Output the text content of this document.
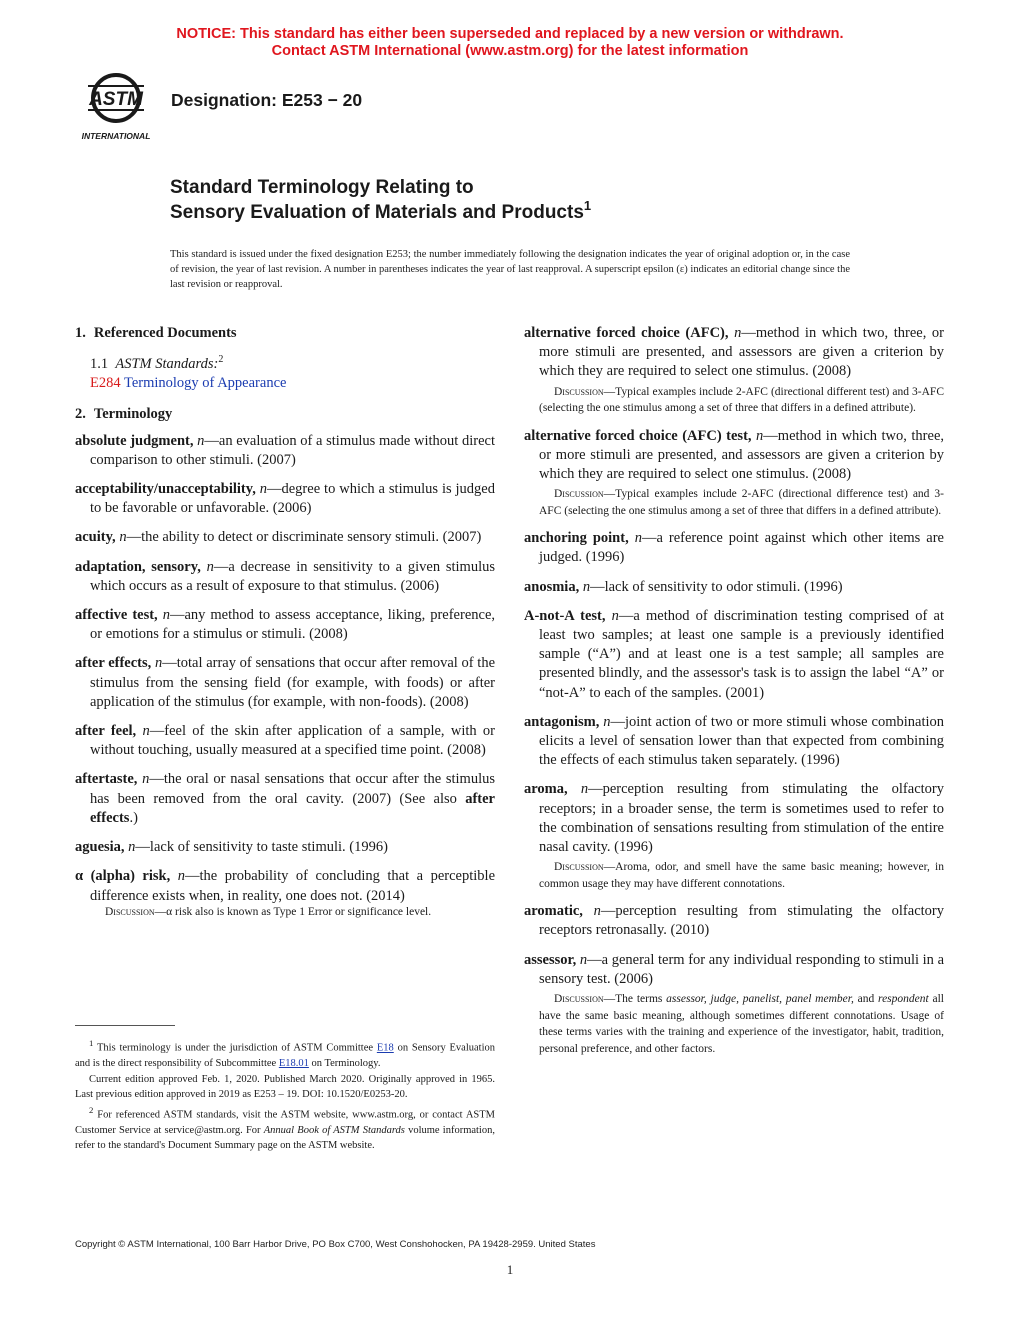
NOTICE: This standard has either been superseded and replaced by a new version or withdrawn.
Contact ASTM International (www.astm.org) for the latest information
ASTM
INTERNATIONAL
Designation: E253 − 20
Standard Terminology Relating to
Sensory Evaluation of Materials and Products$^1$
This standard is issued under the fixed designation E253; the number immediately following the designation indicates the year of original adoption or, in the case of revision, the year of last revision. A number in parentheses indicates the year of last reapproval. A superscript epsilon (ε) indicates an editorial change since the last revision or reapproval.
1. Referenced Documents

1.1 ASTM Standards:$^2$

E284 Terminology of Appearance

2. Terminology

absolute judgment, n—an evaluation of a stimulus made without direct comparison to other stimuli. (2007)

acceptability/unacceptability, n—degree to which a stimulus is judged to be favorable or unfavorable. (2006)

acuity, n—the ability to detect or discriminate sensory stimuli. (2007)

adaptation, sensory, n—a decrease in sensitivity to a given stimulus which occurs as a result of exposure to that stimulus. (2006)

affective test, n—any method to assess acceptance, liking, preference, or emotions for a stimulus or stimuli. (2008)

after effects, n—total array of sensations that occur after removal of the stimulus from the sensing field (for example, with foods) or after application of the stimulus (for example, with non-foods). (2008)

after feel, n—feel of the skin after application of a sample, with or without touching, usually measured at a specified time point. (2008)

aftertaste, n—the oral or nasal sensations that occur after the stimulus has been removed from the oral cavity. (2007) (See also after effects.)

aguesia, n—lack of sensitivity to taste stimuli. (1996)

α (alpha) risk, n—the probability of concluding that a perceptible difference exists when, in reality, one does not. (2014)

Discussion—α risk also is known as Type 1 Error or significance level.

$^1$ This terminology is under the jurisdiction of ASTM Committee E18 on Sensory Evaluation and is the direct responsibility of Subcommittee E18.01 on Terminology.

Current edition approved Feb. 1, 2020. Published March 2020. Originally approved in 1965. Last previous edition approved in 2019 as E253 – 19. DOI: 10.1520/E0253-20.

$^2$ For referenced ASTM standards, visit the ASTM website, www.astm.org, or contact ASTM Customer Service at service@astm.org. For Annual Book of ASTM Standards volume information, refer to the standard's Document Summary page on the ASTM website.

alternative forced choice (AFC), n—method in which two, three, or more stimuli are presented, and assessors are given a criterion by which they are required to select one stimulus. (2008)

Discussion—Typical examples include 2-AFC (directional different test) and 3-AFC (selecting the one stimulus among a set of three that differs in a defined attribute).

alternative forced choice (AFC) test, n—method in which two, three, or more stimuli are presented, and assessors are given a criterion by which they are required to select one stimulus. (2008)

Discussion—Typical examples include 2-AFC (directional difference test) and 3-AFC (selecting the one stimulus among a set of three that differs in a defined attribute).

anchoring point, n—a reference point against which other items are judged. (1996)

anosmia, n—lack of sensitivity to odor stimuli. (1996)

A-not-A test, n—a method of discrimination testing comprised of at least two samples; at least one sample is a previously identified sample (“A”) and at least one is a test sample; all samples are presented blindly, and the assessor's task is to assign the label “A” or “not-A” to each of the samples. (2001)

antagonism, n—joint action of two or more stimuli whose combination elicits a level of sensation lower than that expected from combining the effects of each stimulus taken separately. (1996)

aroma, n—perception resulting from stimulating the olfactory receptors; in a broader sense, the term is sometimes used to refer to the combination of sensations resulting from stimulation of the entire nasal cavity. (1996)

Discussion—Aroma, odor, and smell have the same basic meaning; however, in common usage they may have different connotations.

aromatic, n—perception resulting from stimulating the olfactory receptors retronasally. (2010)

assessor, n—a general term for any individual responding to stimuli in a sensory test. (2006)

Discussion—The terms assessor, judge, panelist, panel member, and respondent all have the same basic meaning, although sometimes different connotations. Usage of these terms varies with the training and experience of the investigator, habit, tradition, personal preference, and other factors.

Copyright © ASTM International, 100 Barr Harbor Drive, PO Box C700, West Conshohocken, PA 19428-2959. United States
1
